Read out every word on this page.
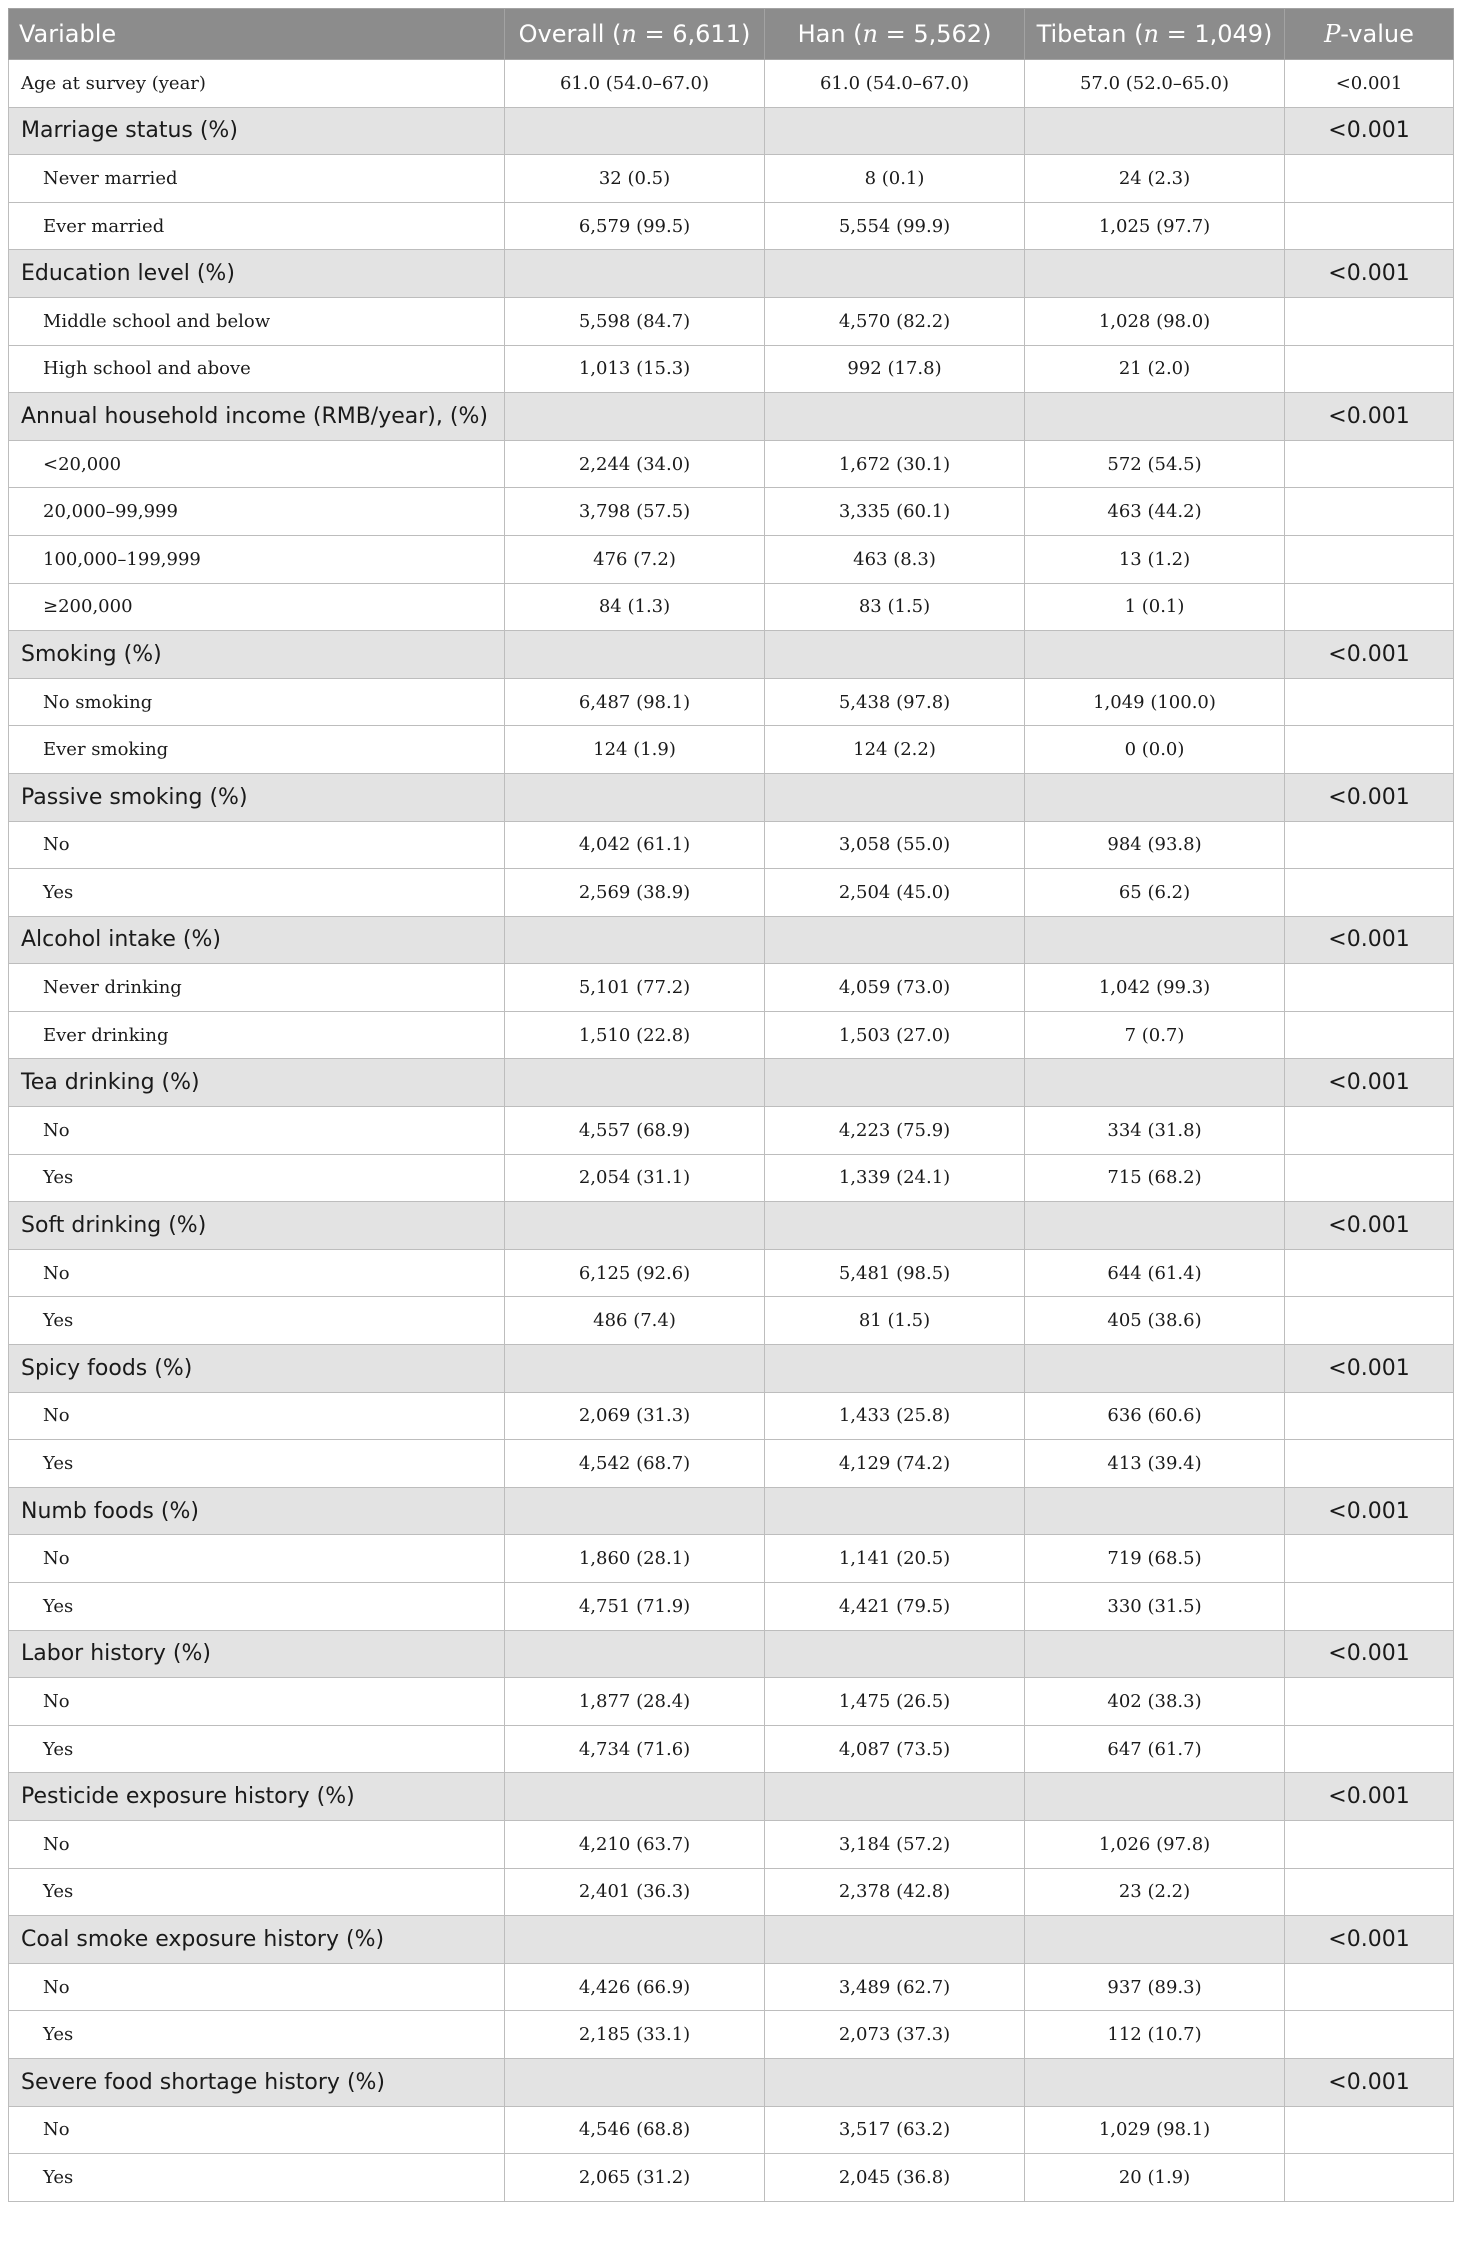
Variable	Overall (n = 6,611)	Han (n = 5,562)	Tibetan (n = 1,049)	P-value
Age at survey (year)	61.0 (54.0–67.0)	61.0 (54.0–67.0)	57.0 (52.0–65.0)	<0.001
Marriage status (%)				<0.001
Never married	32 (0.5)	8 (0.1)	24 (2.3)	
Ever married	6,579 (99.5)	5,554 (99.9)	1,025 (97.7)	
Education level (%)				<0.001
Middle school and below	5,598 (84.7)	4,570 (82.2)	1,028 (98.0)	
High school and above	1,013 (15.3)	992 (17.8)	21 (2.0)	
Annual household income (RMB/year), (%)				<0.001
<20,000	2,244 (34.0)	1,672 (30.1)	572 (54.5)	
20,000–99,999	3,798 (57.5)	3,335 (60.1)	463 (44.2)	
100,000–199,999	476 (7.2)	463 (8.3)	13 (1.2)	
≥200,000	84 (1.3)	83 (1.5)	1 (0.1)	
Smoking (%)				<0.001
No smoking	6,487 (98.1)	5,438 (97.8)	1,049 (100.0)	
Ever smoking	124 (1.9)	124 (2.2)	0 (0.0)	
Passive smoking (%)				<0.001
No	4,042 (61.1)	3,058 (55.0)	984 (93.8)	
Yes	2,569 (38.9)	2,504 (45.0)	65 (6.2)	
Alcohol intake (%)				<0.001
Never drinking	5,101 (77.2)	4,059 (73.0)	1,042 (99.3)	
Ever drinking	1,510 (22.8)	1,503 (27.0)	7 (0.7)	
Tea drinking (%)				<0.001
No	4,557 (68.9)	4,223 (75.9)	334 (31.8)	
Yes	2,054 (31.1)	1,339 (24.1)	715 (68.2)	
Soft drinking (%)				<0.001
No	6,125 (92.6)	5,481 (98.5)	644 (61.4)	
Yes	486 (7.4)	81 (1.5)	405 (38.6)	
Spicy foods (%)				<0.001
No	2,069 (31.3)	1,433 (25.8)	636 (60.6)	
Yes	4,542 (68.7)	4,129 (74.2)	413 (39.4)	
Numb foods (%)				<0.001
No	1,860 (28.1)	1,141 (20.5)	719 (68.5)	
Yes	4,751 (71.9)	4,421 (79.5)	330 (31.5)	
Labor history (%)				<0.001
No	1,877 (28.4)	1,475 (26.5)	402 (38.3)	
Yes	4,734 (71.6)	4,087 (73.5)	647 (61.7)	
Pesticide exposure history (%)				<0.001
No	4,210 (63.7)	3,184 (57.2)	1,026 (97.8)	
Yes	2,401 (36.3)	2,378 (42.8)	23 (2.2)	
Coal smoke exposure history (%)				<0.001
No	4,426 (66.9)	3,489 (62.7)	937 (89.3)	
Yes	2,185 (33.1)	2,073 (37.3)	112 (10.7)	
Severe food shortage history (%)				<0.001
No	4,546 (68.8)	3,517 (63.2)	1,029 (98.1)	
Yes	2,065 (31.2)	2,045 (36.8)	20 (1.9)	
